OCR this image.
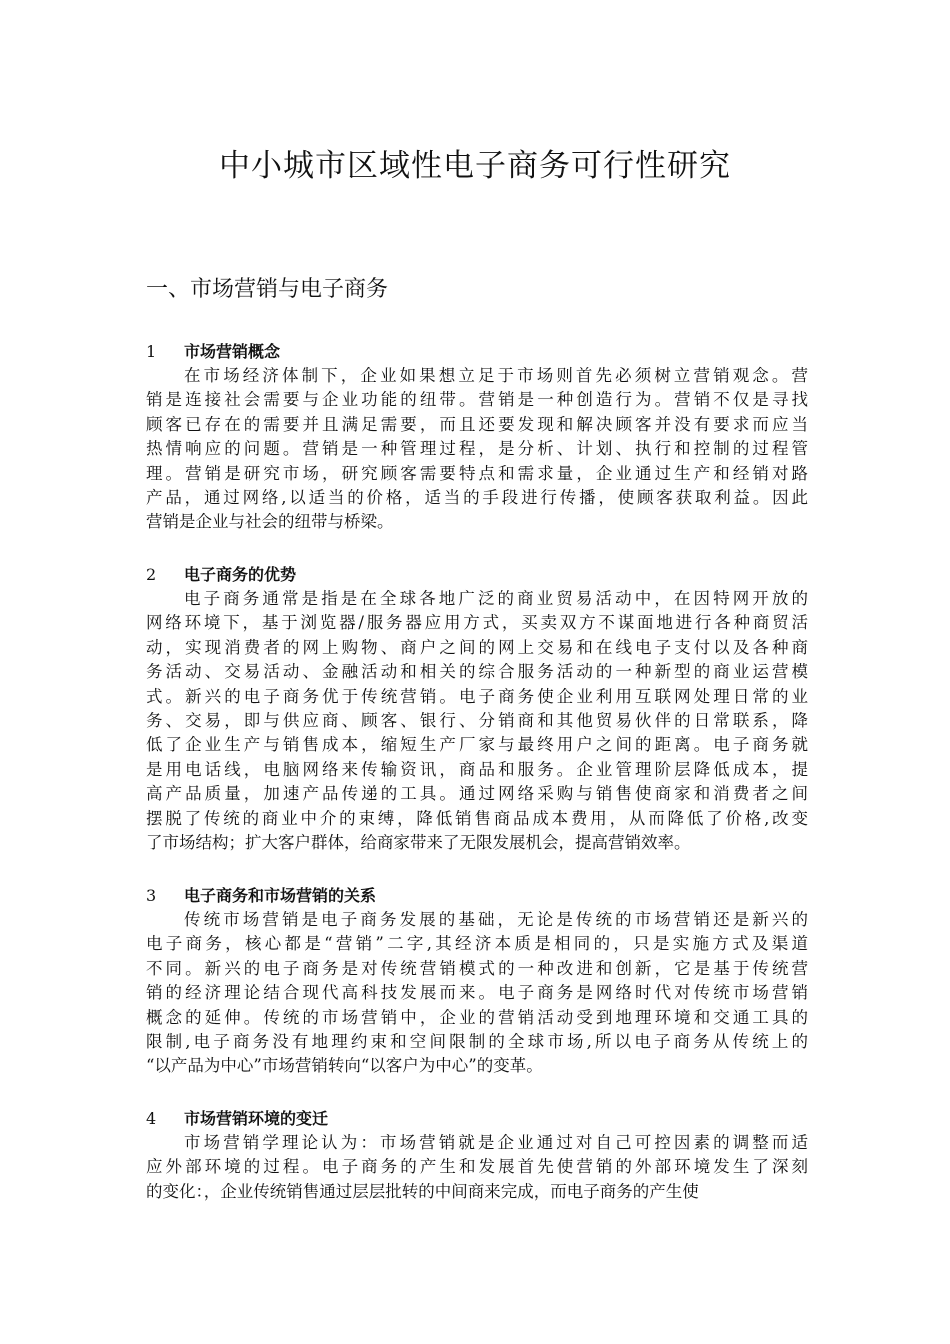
中小城市区域性电子商务可行性研究
一、市场营销与电子商务
1 市场营销概念
在市场经济体制下，企业如果想立足于市场则首先必须树立营销观念。营
销是连接社会需要与企业功能的纽带。营销是一种创造行为。营销不仅是寻找
顾客已存在的需要并且满足需要，而且还要发现和解决顾客并没有要求而应当
热情响应的问题。营销是一种管理过程，是分析、计划、执行和控制的过程管
理。营销是研究市场，研究顾客需要特点和需求量，企业通过生产和经销对路
产品，通过网络,以适当的价格，适当的手段进行传播，使顾客获取利益。因此
营销是企业与社会的纽带与桥梁。
2 电子商务的优势
电子商务通常是指是在全球各地广泛的商业贸易活动中，在因特网开放的
网络环境下，基于浏览器/服务器应用方式，买卖双方不谋面地进行各种商贸活
动，实现消费者的网上购物、商户之间的网上交易和在线电子支付以及各种商
务活动、交易活动、金融活动和相关的综合服务活动的一种新型的商业运营模
式。新兴的电子商务优于传统营销。电子商务使企业利用互联网处理日常的业
务、交易，即与供应商、顾客、银行、分销商和其他贸易伙伴的日常联系，降
低了企业生产与销售成本，缩短生产厂家与最终用户之间的距离。电子商务就
是用电话线，电脑网络来传输资讯，商品和服务。企业管理阶层降低成本，提
高产品质量，加速产品传递的工具。通过网络采购与销售使商家和消费者之间
摆脱了传统的商业中介的束缚，降低销售商品成本费用，从而降低了价格,改变
了市场结构；扩大客户群体，给商家带来了无限发展机会，提高营销效率。
3 电子商务和市场营销的关系
传统市场营销是电子商务发展的基础，无论是传统的市场营销还是新兴的
电子商务，核心都是“营销”二字,其经济本质是相同的，只是实施方式及渠道
不同。新兴的电子商务是对传统营销模式的一种改进和创新，它是基于传统营
销的经济理论结合现代高科技发展而来。电子商务是网络时代对传统市场营销
概念的延伸。传统的市场营销中，企业的营销活动受到地理环境和交通工具的
限制,电子商务没有地理约束和空间限制的全球市场,所以电子商务从传统上的
“以产品为中心”市场营销转向“以客户为中心”的变革。
4 市场营销环境的变迁
市场营销学理论认为：市场营销就是企业通过对自己可控因素的调整而适
应外部环境的过程。电子商务的产生和发展首先使营销的外部环境发生了深刻
的变化：，企业传统销售通过层层批转的中间商来完成，而电子商务的产生使
